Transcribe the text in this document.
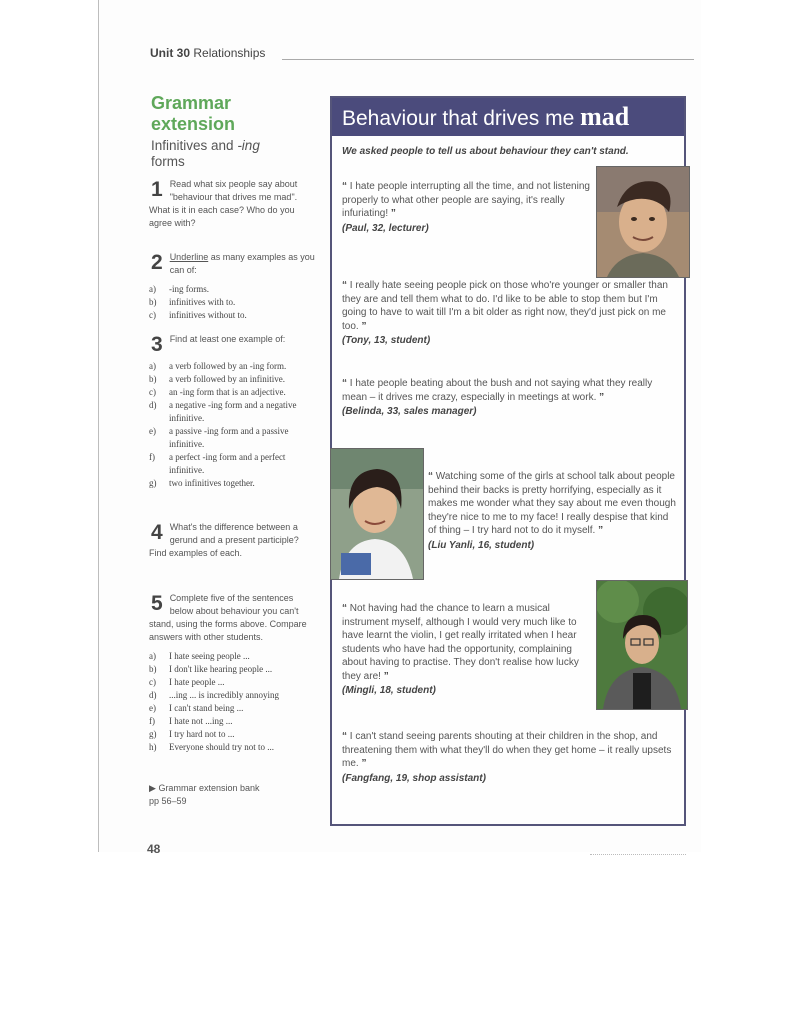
Unit 30 Relationships
Grammar
extension
Infinitives and -ing
forms
1 Read what six people say about "behaviour that drives me mad". What is it in each case? Who do you agree with?
2 Underline as many examples as you can of:
a) -ing forms.
b) infinitives with to.
c) infinitives without to.
3 Find at least one example of:
a) a verb followed by an -ing form.
b) a verb followed by an infinitive.
c) an -ing form that is an adjective.
d) a negative -ing form and a negative infinitive.
e) a passive -ing form and a passive infinitive.
f) a perfect -ing form and a perfect infinitive.
g) two infinitives together.
4 What's the difference between a gerund and a present participle? Find examples of each.
5 Complete five of the sentences below about behaviour you can't stand, using the forms above. Compare answers with other students.
a) I hate seeing people ...
b) I don't like hearing people ...
c) I hate people ...
d) ...ing ... is incredibly annoying
e) I can't stand being ...
f) I hate not ...ing ...
g) I try hard not to ...
h) Everyone should try not to ...
▶ Grammar extension bank
pp 56–59
48
Behaviour that drives me mad
We asked people to tell us about behaviour they can't stand.
“ I hate people interrupting all the time, and not listening properly to what other people are saying, it's really infuriating! ”
(Paul, 32, lecturer)
“ I really hate seeing people pick on those who're younger or smaller than they are and tell them what to do. I'd like to be able to stop them but I'm going to have to wait till I'm a bit older as right now, they'd just pick on me too. ”
(Tony, 13, student)
“ I hate people beating about the bush and not saying what they really mean – it drives me crazy, especially in meetings at work. ”
(Belinda, 33, sales manager)
“ Watching some of the girls at school talk about people behind their backs is pretty horrifying, especially as it makes me wonder what they say about me even though they're nice to me to my face! I really despise that kind of thing – I try hard not to do it myself. ”
(Liu Yanli, 16, student)
“ Not having had the chance to learn a musical instrument myself, although I would very much like to have learnt the violin, I get really irritated when I hear students who have had the opportunity, complaining about having to practise. They don't realise how lucky they are! ”
(Mingli, 18, student)
“ I can't stand seeing parents shouting at their children in the shop, and threatening them with what they'll do when they get home – it really upsets me. ”
(Fangfang, 19, shop assistant)
